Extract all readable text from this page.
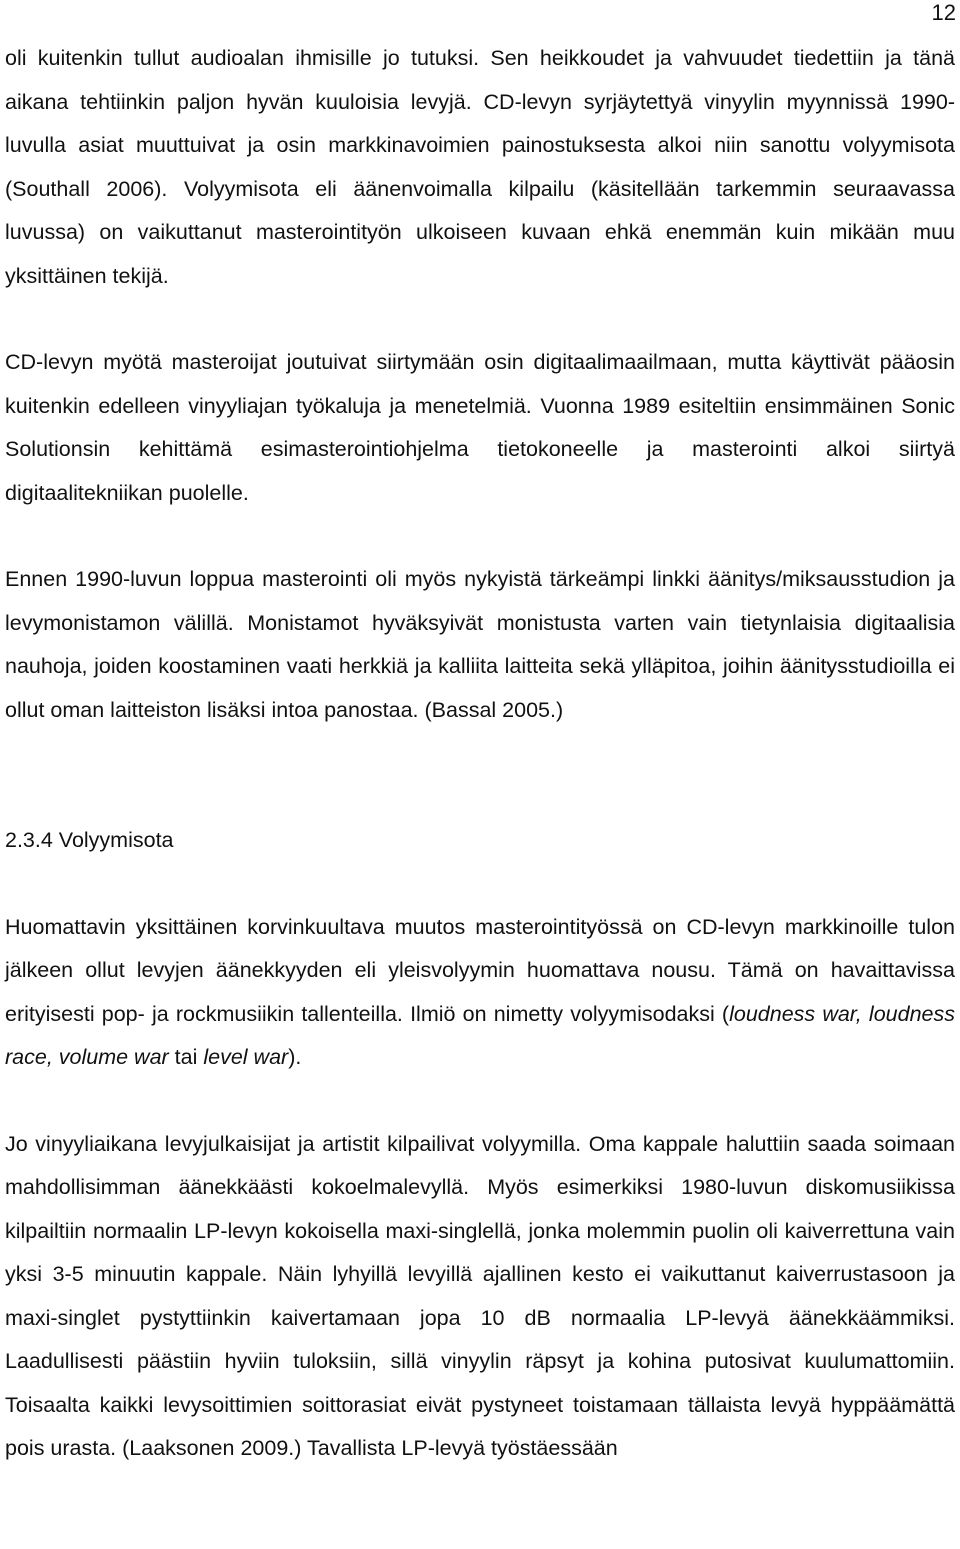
12

oli kuitenkin tullut audioalan ihmisille jo tutuksi. Sen heikkoudet ja vahvuudet tiedettiin ja tänä aikana tehtiinkin paljon hyvän kuuloisia levyjä. CD-levyn syrjäytettyä vinyylin myynnissä 1990-luvulla asiat muuttuivat ja osin markkinavoimien painostuksesta alkoi niin sanottu volyymisota (Southall 2006). Volyymisota eli äänenvoimalla kilpailu (käsitellään tarkemmin seuraavassa luvussa) on vaikuttanut masterointityön ulkoiseen kuvaan ehkä enemmän kuin mikään muu yksittäinen tekijä.

CD-levyn myötä masteroijat joutuivat siirtymään osin digitaalimaailmaan, mutta käyttivät pääosin kuitenkin edelleen vinyyliajan työkaluja ja menetelmiä. Vuonna 1989 esiteltiin ensimmäinen Sonic Solutionsin kehittämä esimasterointiohjelma tietokoneelle ja masterointi alkoi siirtyä digitaalitekniikan puolelle.

Ennen 1990-luvun loppua masterointi oli myös nykyistä tärkeämpi linkki äänitys/miksausstudion ja levymonistamon välillä. Monistamot hyväksyivät monistusta varten vain tietynlaisia digitaalisia nauhoja, joiden koostaminen vaati herkkiä ja kalliita laitteita sekä ylläpitoa, joihin äänitysstudioilla ei ollut oman laitteiston lisäksi intoa panostaa. (Bassal 2005.)

2.3.4 Volyymisota

Huomattavin yksittäinen korvinkuultava muutos masterointityössä on CD-levyn markkinoille tulon jälkeen ollut levyjen äänekkyyden eli yleisvolyymin huomattava nousu. Tämä on havaittavissa erityisesti pop- ja rockmusiikin tallenteilla. Ilmiö on nimetty volyymisodaksi (loudness war, loudness race, volume war tai level war).

Jo vinyyliaikana levyjulkaisijat ja artistit kilpailivat volyymilla. Oma kappale haluttiin saada soimaan mahdollisimman äänekkäästi kokoelmalevyllä. Myös esimerkiksi 1980-luvun diskomusiikissa kilpailtiin normaalin LP-levyn kokoisella maxi-singlellä, jonka molemmin puolin oli kaiverrettuna vain yksi 3-5 minuutin kappale. Näin lyhyillä levyillä ajallinen kesto ei vaikuttanut kaiverrustasoon ja maxi-singlet pystyttiinkin kaivertamaan jopa 10 dB normaalia LP-levyä äänekkäämmiksi. Laadullisesti päästiin hyviin tuloksiin, sillä vinyylin räpsyt ja kohina putosivat kuulumattomiin. Toisaalta kaikki levysoittimien soittorasiat eivät pystyneet toistamaan tällaista levyä hyppäämättä pois urasta. (Laaksonen 2009.) Tavallista LP-levyä työstäessään
